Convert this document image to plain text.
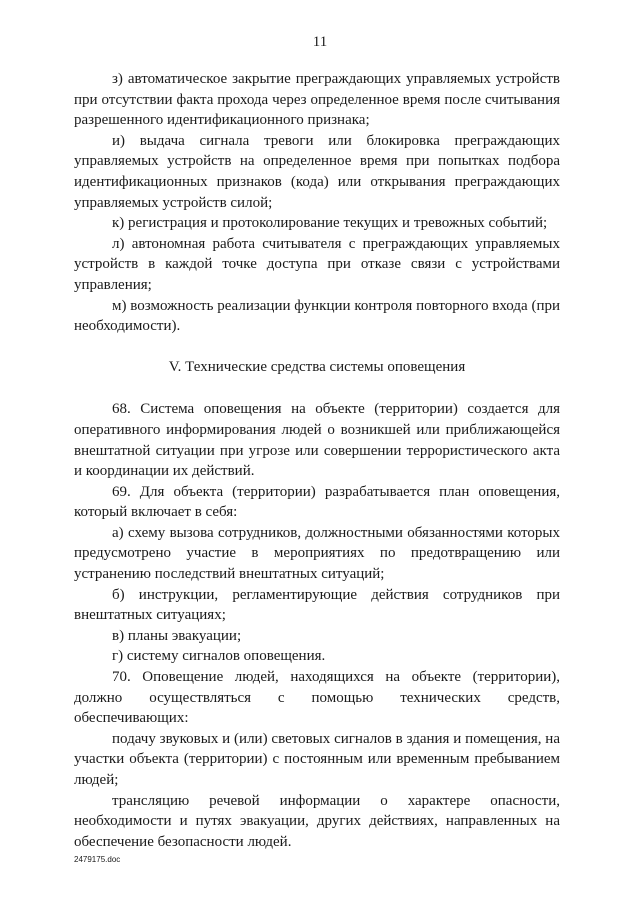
11

з) автоматическое закрытие преграждающих управляемых устройств при отсутствии факта прохода через определенное время после считывания разрешенного идентификационного признака;

и) выдача сигнала тревоги или блокировка преграждающих управляемых устройств на определенное время при попытках подбора идентификационных признаков (кода) или открывания преграждающих управляемых устройств силой;

к) регистрация и протоколирование текущих и тревожных событий;

л) автономная работа считывателя с преграждающих управляемых устройств в каждой точке доступа при отказе связи с устройствами управления;

м) возможность реализации функции контроля повторного входа (при необходимости).

V. Технические средства системы оповещения

68. Система оповещения на объекте (территории) создается для оперативного информирования людей о возникшей или приближающейся внештатной ситуации при угрозе или совершении террористического акта и координации их действий.

69. Для объекта (территории) разрабатывается план оповещения, который включает в себя:

а) схему вызова сотрудников, должностными обязанностями которых предусмотрено участие в мероприятиях по предотвращению или устранению последствий внештатных ситуаций;

б) инструкции, регламентирующие действия сотрудников при внештатных ситуациях;

в) планы эвакуации;

г) систему сигналов оповещения.

70. Оповещение людей, находящихся на объекте (территории), должно осуществляться с помощью технических средств, обеспечивающих:

подачу звуковых и (или) световых сигналов в здания и помещения, на участки объекта (территории) с постоянным или временным пребыванием людей;

трансляцию речевой информации о характере опасности, необходимости и путях эвакуации, других действиях, направленных на обеспечение безопасности людей.

2479175.doc
